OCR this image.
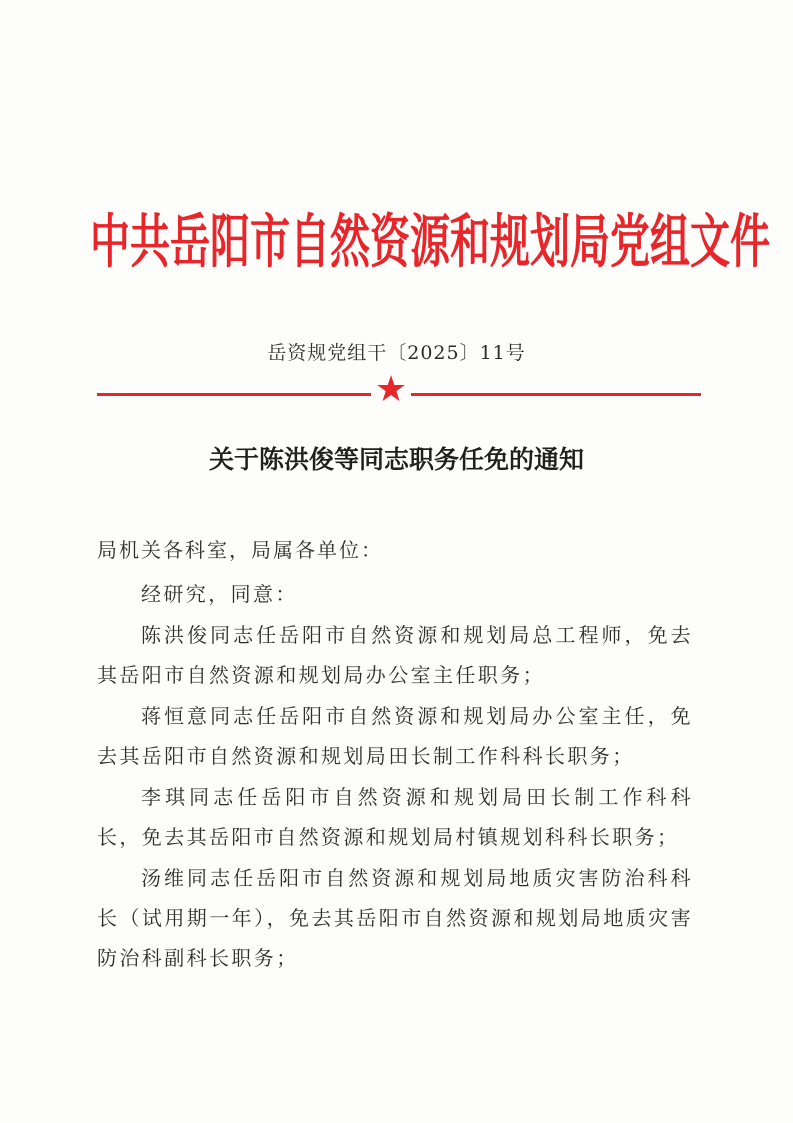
中共岳阳市自然资源和规划局党组文件
岳资规党组干〔2025〕11号
★
关于陈洪俊等同志职务任免的通知
局机关各科室，局属各单位：
经研究，同意：
陈洪俊同志任岳阳市自然资源和规划局总工程师，免去其岳阳市自然资源和规划局办公室主任职务；
蒋恒意同志任岳阳市自然资源和规划局办公室主任，免去其岳阳市自然资源和规划局田长制工作科科长职务；
李琪同志任岳阳市自然资源和规划局田长制工作科科长，免去其岳阳市自然资源和规划局村镇规划科科长职务；
汤维同志任岳阳市自然资源和规划局地质灾害防治科科长（试用期一年），免去其岳阳市自然资源和规划局地质灾害防治科副科长职务；
